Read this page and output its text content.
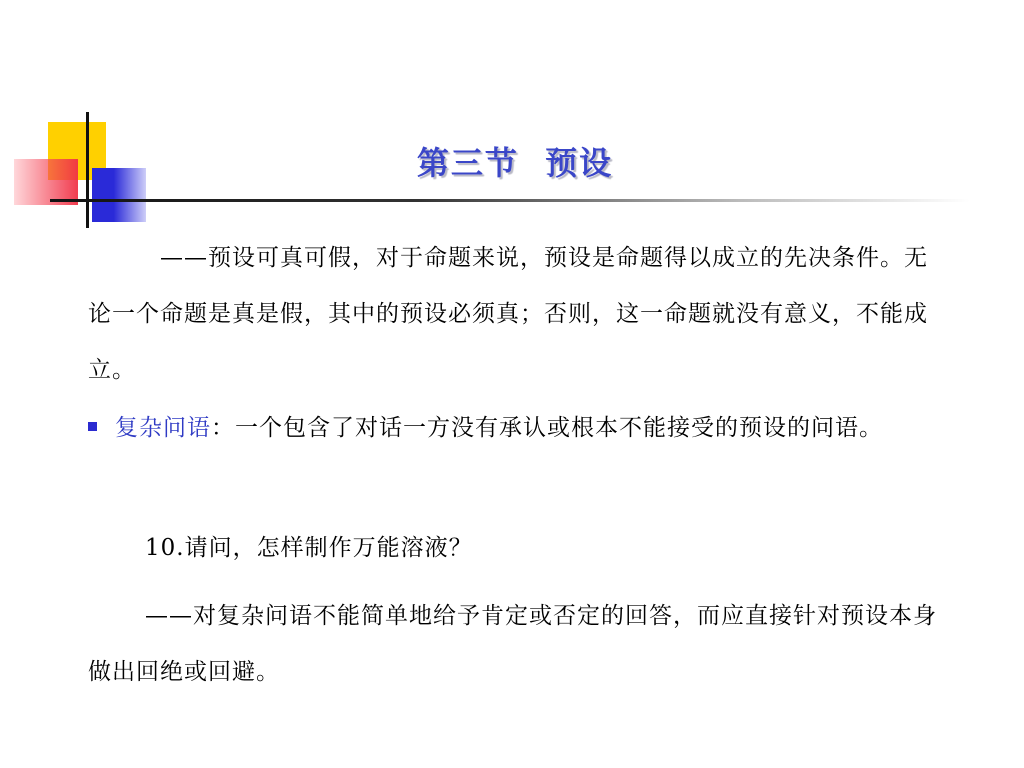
第三节  预设
——预设可真可假，对于命题来说，预设是命题得以成立的先决条件。无论一个命题是真是假，其中的预设必须真；否则，这一命题就没有意义，不能成立。
复杂问语：一个包含了对话一方没有承认或根本不能接受的预设的问语。
10.请问，怎样制作万能溶液？
——对复杂问语不能简单地给予肯定或否定的回答，而应直接针对预设本身做出回绝或回避。
